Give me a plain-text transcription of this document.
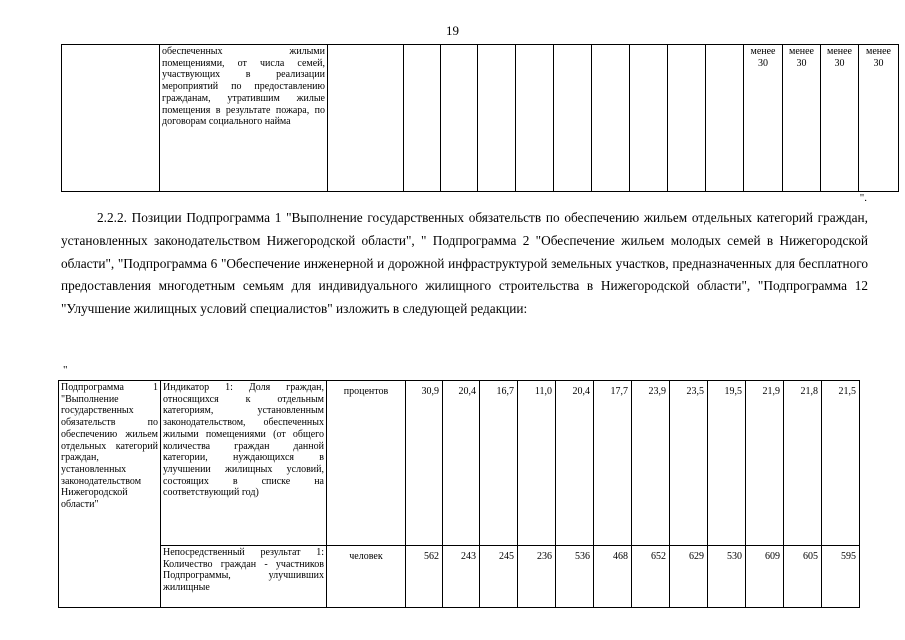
19
	обеспеченных жилыми помещениями, от числа семей, участвующих в реализации мероприятий по предоставлению гражданам, утратившим жилые помещения в результате пожара, по договорам социального найма											менее 30	менее 30	менее 30	менее 30
".
2.2.2. Позиции Подпрограмма 1 "Выполнение государственных обязательств по обеспечению жильем отдельных категорий граждан, установленных законодательством Нижегородской области", " Подпрограмма 2 "Обеспечение жильем молодых семей в Нижегородской области", "Подпрограмма 6 "Обеспечение инженерной и дорожной инфраструктурой земельных участков, предназначенных для бесплатного предоставления многодетным семьям для индивидуального жилищного строительства в Нижегородской области", "Подпрограмма 12 "Улучшение жилищных условий специалистов" изложить в следующей редакции:
"
Подпрограмма 1 "Выполнение государственных обязательств по обеспечению жильем отдельных категорий граждан, установленных законодательством Нижегородской области"	Индикатор 1: Доля граждан, относящихся к отдельным категориям, установленным законодательством, обеспеченных жилыми помещениями (от общего количества граждан данной категории, нуждающихся в улучшении жилищных условий, состоящих в списке на соответствующий год)	процентов	30,9	20,4	16,7	11,0	20,4	17,7	23,9	23,5	19,5	21,9	21,8	21,5
	Непосредственный результат 1: Количество граждан - участников Подпрограммы, улучшивших жилищные	человек	562	243	245	236	536	468	652	629	530	609	605	595
